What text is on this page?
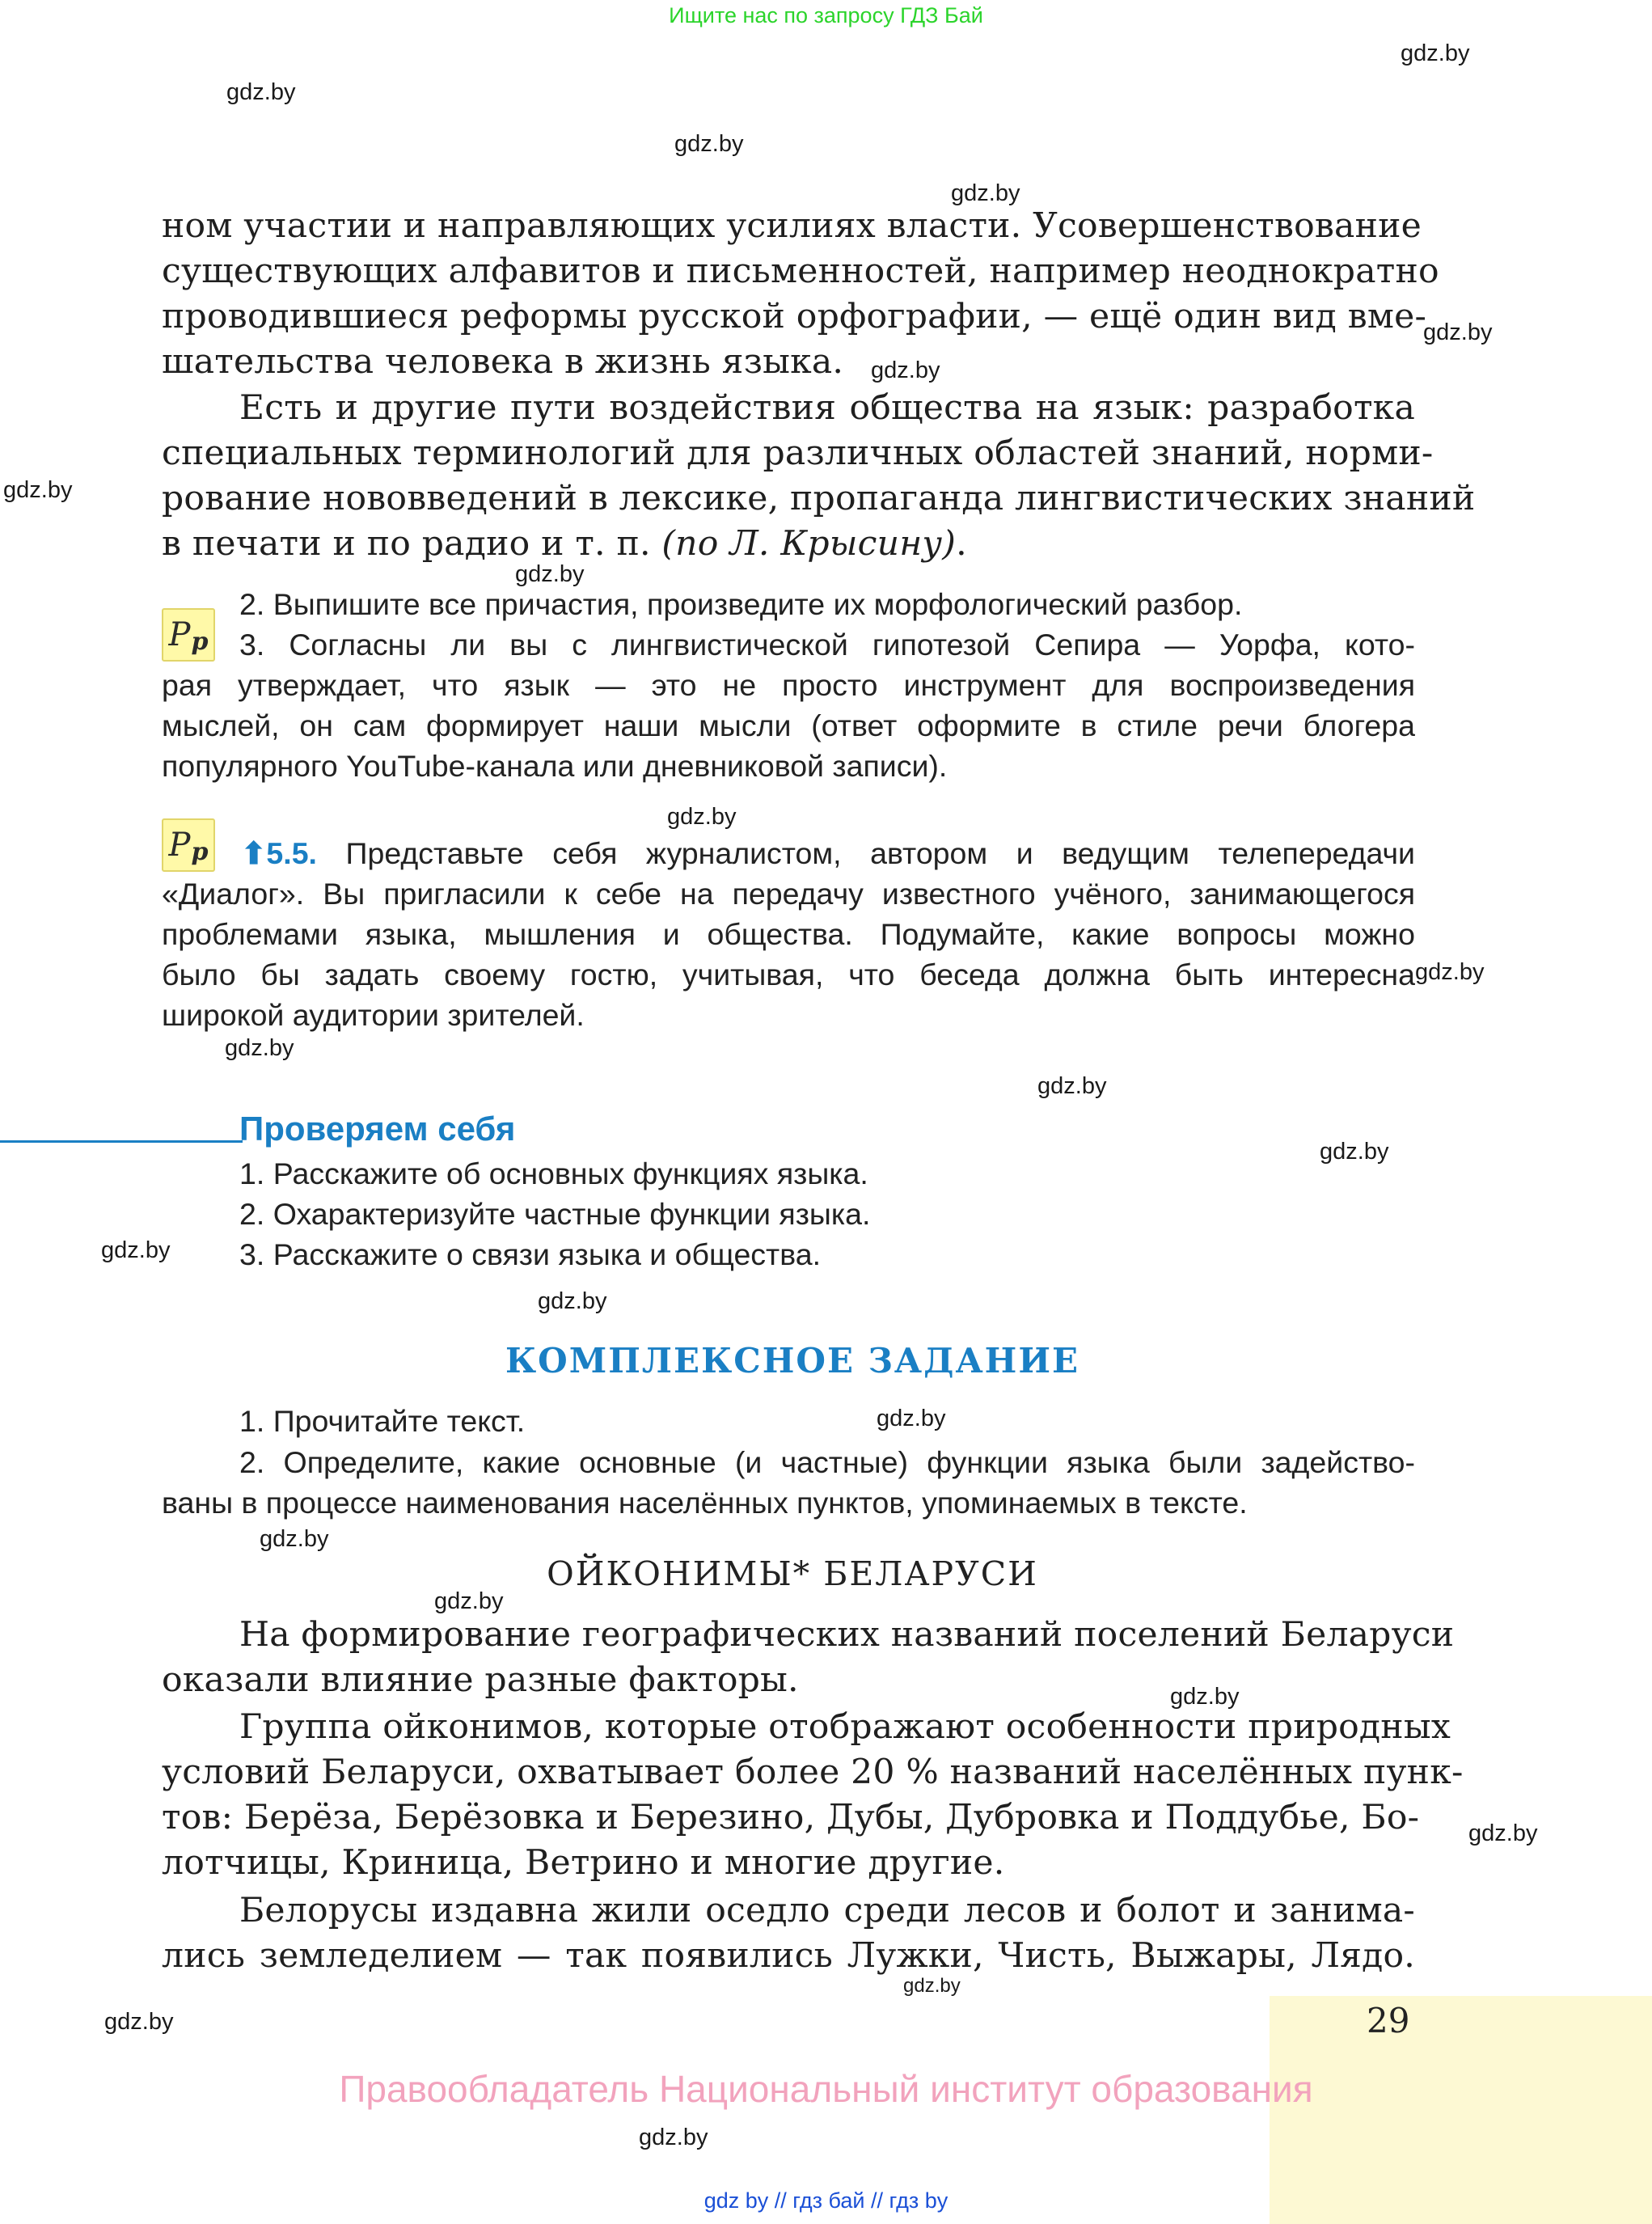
Ищите нас по запросу ГДЗ Бай
gdz.by
gdz.by
gdz.by
gdz.by
gdz.by
gdz.by
gdz.by
gdz.by
gdz.by
gdz.by
gdz.by
gdz.by
gdz.by
gdz.by
gdz.by
gdz.by
gdz.by
gdz.by
gdz.by
gdz.by
gdz.by
gdz.by
gdz.by
ном участии и направляющих усилиях власти. Усовершенствование
существующих алфавитов и письменностей, например неоднократно
проводившиеся реформы русской орфографии, — ещё один вид вме-
шательства человека в жизнь языка.
Есть и другие пути воздействия общества на язык: разработка
специальных терминологий для различных областей знаний, норми-
рование нововведений в лексике, пропаганда лингвистических знаний
в печати и по радио и т. п. (по Л. Крысину).
P p
2. Выпишите все причастия, произведите их морфологический разбор.
3. Согласны ли вы с лингвистической гипотезой Сепира — Уорфа, кото-
рая утверждает, что язык — это не просто инструмент для воспроизведения
мыслей, он сам формирует наши мысли (ответ оформите в стиле речи блогера
популярного YouTube-канала или дневниковой записи).
P p ⬆5.5. Представьте себя журналистом, автором и ведущим телепередачи
«Диалог». Вы пригласили к себе на передачу известного учёного, занимающегося
проблемами языка, мышления и общества. Подумайте, какие вопросы можно
было бы задать своему гостю, учитывая, что беседа должна быть интересна
широкой аудитории зрителей.
Проверяем себя
1. Расскажите об основных функциях языка.
2. Охарактеризуйте частные функции языка.
3. Расскажите о связи языка и общества.
КОМПЛЕКСНОЕ ЗАДАНИЕ
1. Прочитайте текст.
2. Определите, какие основные (и частные) функции языка были задейство-
ваны в процессе наименования населённых пунктов, упоминаемых в тексте.
ОЙКОНИМЫ* БЕЛАРУСИ
На формирование географических названий поселений Беларуси
оказали влияние разные факторы.
Группа ойконимов, которые отображают особенности природных
условий Беларуси, охватывает более 20 % названий населённых пунк-
тов: Берёза, Берёзовка и Березино, Дубы, Дубровка и Поддубье, Бо-
лотчицы, Криница, Ветрино и многие другие.
Белорусы издавна жили оседло среди лесов и болот и занима-
лись земледелием — так появились Лужки, Чисть, Выжары, Лядо.
29
Правообладатель Национальный институт образования
gdz by // гдз бай // гдз by
